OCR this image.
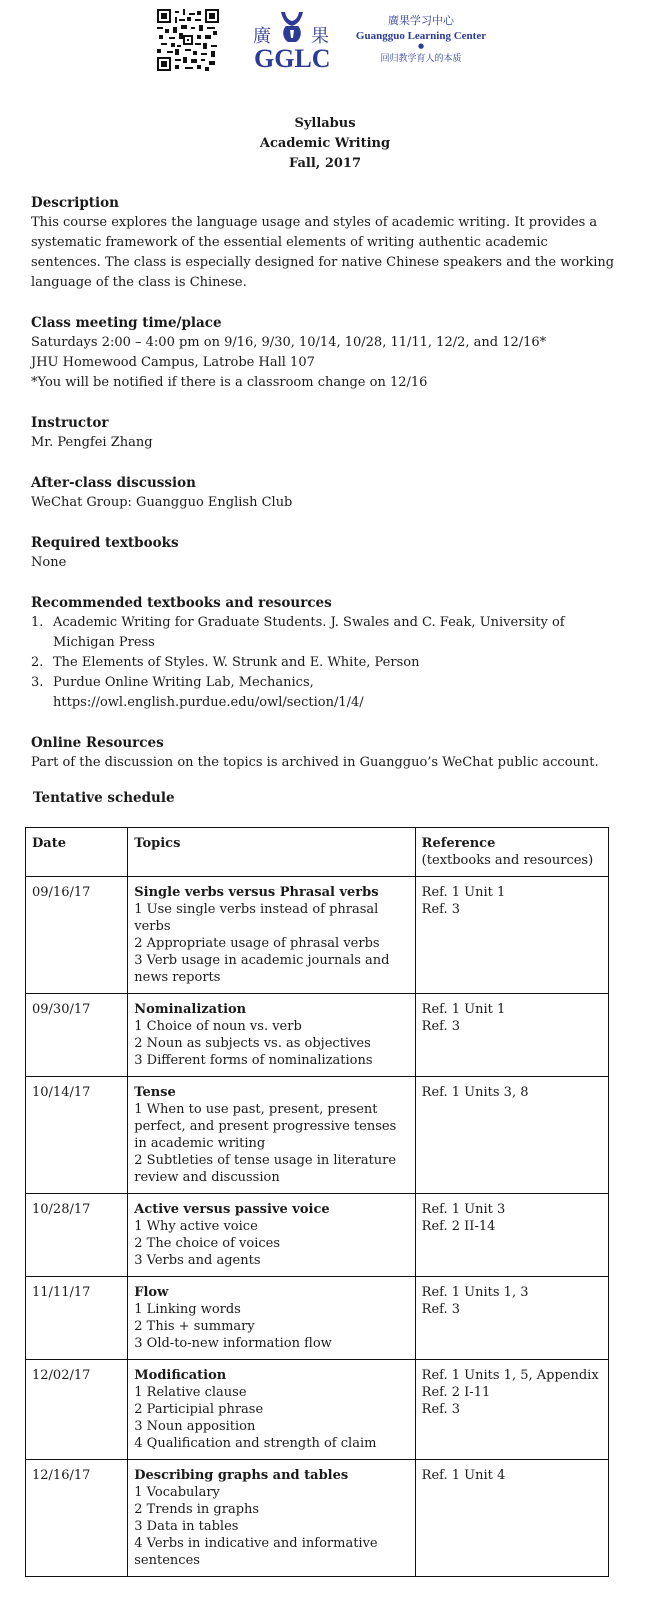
廣 果
GGLC
廣果学习中心
Guangguo Learning Center
●
回归教学育人的本质
Syllabus
Academic Writing
Fall, 2017
Description

This course explores the language usage and styles of academic writing. It provides a systematic framework of the essential elements of writing authentic academic sentences. The class is especially designed for native Chinese speakers and the working language of the class is Chinese.

Class meeting time/place

Saturdays 2:00 – 4:00 pm on 9/16, 9/30, 10/14, 10/28, 11/11, 12/2, and 12/16*

JHU Homewood Campus, Latrobe Hall 107

*You will be notified if there is a classroom change on 12/16

Instructor

Mr. Pengfei Zhang

After-class discussion

WeChat Group: Guangguo English Club

Required textbooks

None

Recommended textbooks and resources
1. Academic Writing for Graduate Students. J. Swales and C. Feak, University of Michigan Press
2. The Elements of Styles. W. Strunk and E. White, Person
3. Purdue Online Writing Lab, Mechanics, https://owl.english.purdue.edu/owl/section/1/4/
Online Resources

Part of the discussion on the topics is archived in Guangguo’s WeChat public account.

Tentative schedule
Date	Topics	Reference
(textbooks and resources)

09/16/17	Single verbs versus Phrasal verbs
1 Use single verbs instead of phrasal verbs
2 Appropriate usage of phrasal verbs
3 Verb usage in academic journals and news reports	Ref. 1 Unit 1
Ref. 3

09/30/17	Nominalization
1 Choice of noun vs. verb
2 Noun as subjects vs. as objectives
3 Different forms of nominalizations	Ref. 1 Unit 1
Ref. 3

10/14/17	Tense
1 When to use past, present, present perfect, and present progressive tenses in academic writing
2 Subtleties of tense usage in literature review and discussion	Ref. 1 Units 3, 8

10/28/17	Active versus passive voice
1 Why active voice
2 The choice of voices
3 Verbs and agents	Ref. 1 Unit 3
Ref. 2 II-14

11/11/17	Flow
1 Linking words
2 This + summary
3 Old-to-new information flow	Ref. 1 Units 1, 3
Ref. 3

12/02/17	Modification
1 Relative clause
2 Participial phrase
3 Noun apposition
4 Qualification and strength of claim	Ref. 1 Units 1, 5, Appendix
Ref. 2 I-11
Ref. 3

12/16/17	Describing graphs and tables
1 Vocabulary
2 Trends in graphs
3 Data in tables
4 Verbs in indicative and informative sentences	Ref. 1 Unit 4
